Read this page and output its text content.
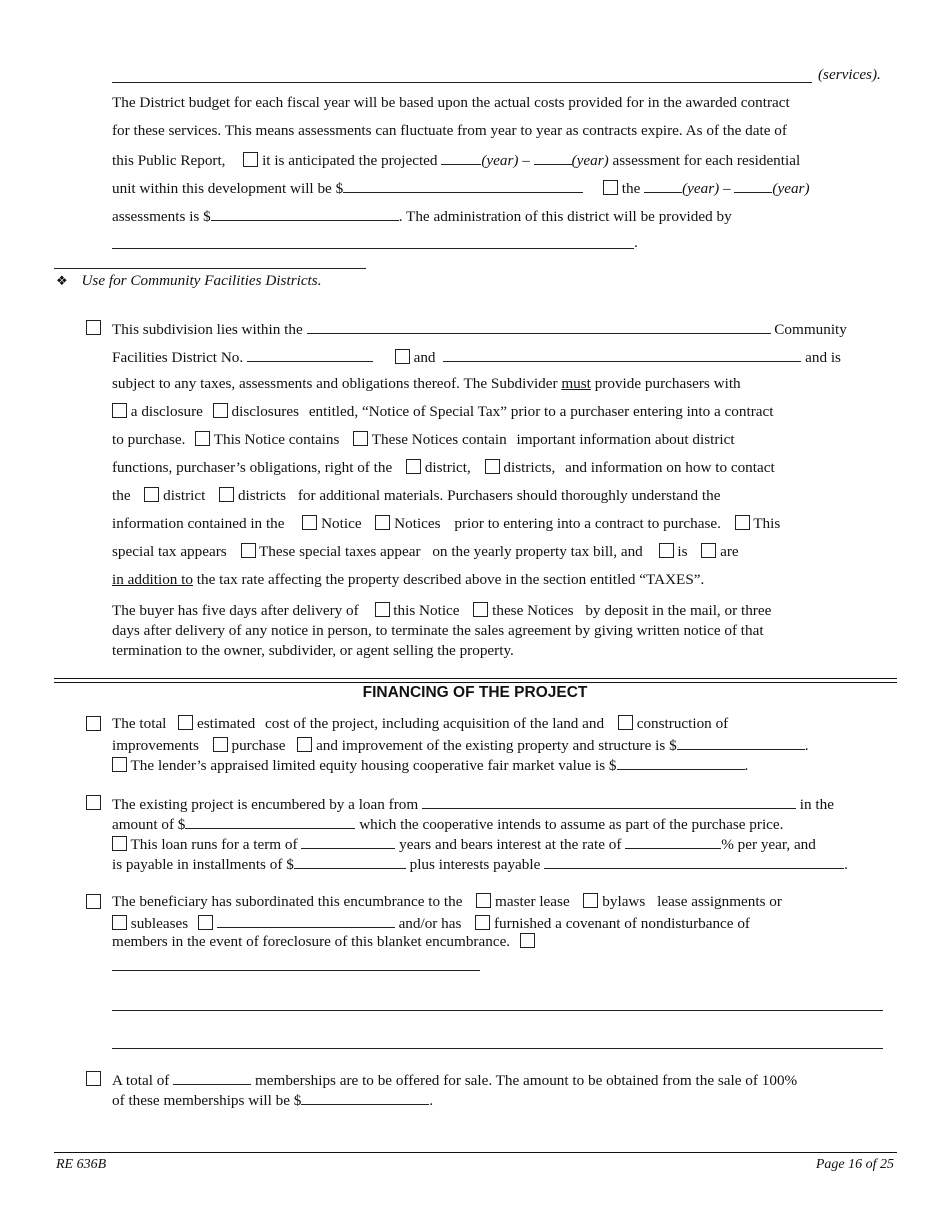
(services).
The District budget for each fiscal year will be based upon the actual costs provided for in the awarded contract
for these services. This means assessments can fluctuate from year to year as contracts expire. As of the date of
this Public Report, it is anticipated the projected	(year) –	(year) assessment for each residential
unit within this development will be $	the	(year) –	(year)
assessments is $	. The administration of this district will be provided by
.
❖ Use for Community Facilities Districts.
This subdivision lies within the	Community
Facilities District No.	and	and is
subject to any taxes, assessments and obligations thereof. The Subdivider must provide purchasers with
a disclosure disclosures entitled, “Notice of Special Tax” prior to a purchaser entering into a contract
to purchase. This Notice contains These Notices contain important information about district
functions, purchaser’s obligations, right of the district, districts, and information on how to contact
the district districts for additional materials. Purchasers should thoroughly understand the
information contained in the Notice Notices prior to entering into a contract to purchase. This
special tax appears These special taxes appear on the yearly property tax bill, and is are
in addition to the tax rate affecting the property described above in the section entitled “TAXES”.
The buyer has five days after delivery of this Notice these Notices by deposit in the mail, or three
days after delivery of any notice in person, to terminate the sales agreement by giving written notice of that
termination to the owner, subdivider, or agent selling the property.
FINANCING OF THE PROJECT
The total estimated cost of the project, including acquisition of the land and construction of
improvements purchase and improvement of the existing property and structure is $	.
The lender’s appraised limited equity housing cooperative fair market value is $	.
The existing project is encumbered by a loan from	in the
amount of $	which the cooperative intends to assume as part of the purchase price.
This loan runs for a term of	years and bears interest at the rate of	% per year, and
is payable in installments of $	plus interests payable	.
The beneficiary has subordinated this encumbrance to the master lease bylaws lease assignments or
subleases	and/or has furnished a covenant of nondisturbance of
members in the event of foreclosure of this blanket encumbrance.
A total of	memberships are to be offered for sale. The amount to be obtained from the sale of 100%
of these memberships will be $	.
RE 636B	Page 16 of 25
